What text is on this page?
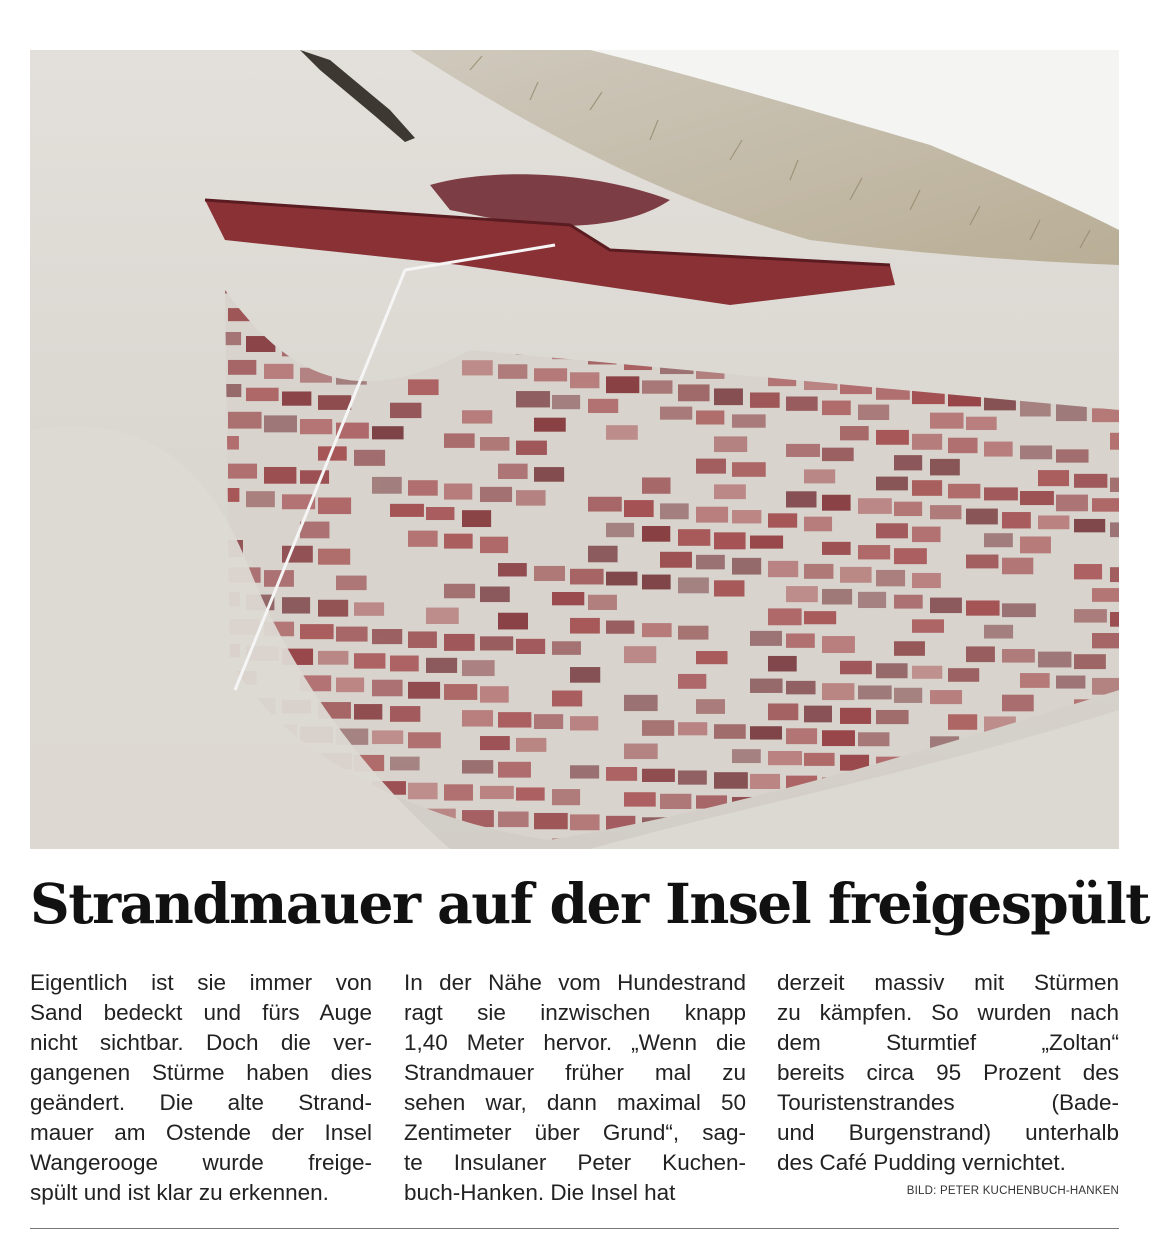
Strandmauer auf der Insel freigespült
Eigentlich ist sie immer von
Sand bedeckt und fürs Auge
nicht sichtbar. Doch die ver-
gangenen Stürme haben dies
geändert. Die alte Strand-
mauer am Ostende der Insel
Wangerooge wurde freige-
spült und ist klar zu erkennen.
In der Nähe vom Hundestrand
ragt sie inzwischen knapp
1,40 Meter hervor. „Wenn die
Strandmauer früher mal zu
sehen war, dann maximal 50
Zentimeter über Grund“, sag-
te Insulaner Peter Kuchen-
buch-Hanken. Die Insel hat
derzeit massiv mit Stürmen
zu kämpfen. So wurden nach
dem Sturmtief „Zoltan“
bereits circa 95 Prozent des
Touristenstrandes (Bade-
und Burgenstrand) unterhalb
des Café Pudding vernichtet.
BILD: PETER KUCHENBUCH-HANKEN
